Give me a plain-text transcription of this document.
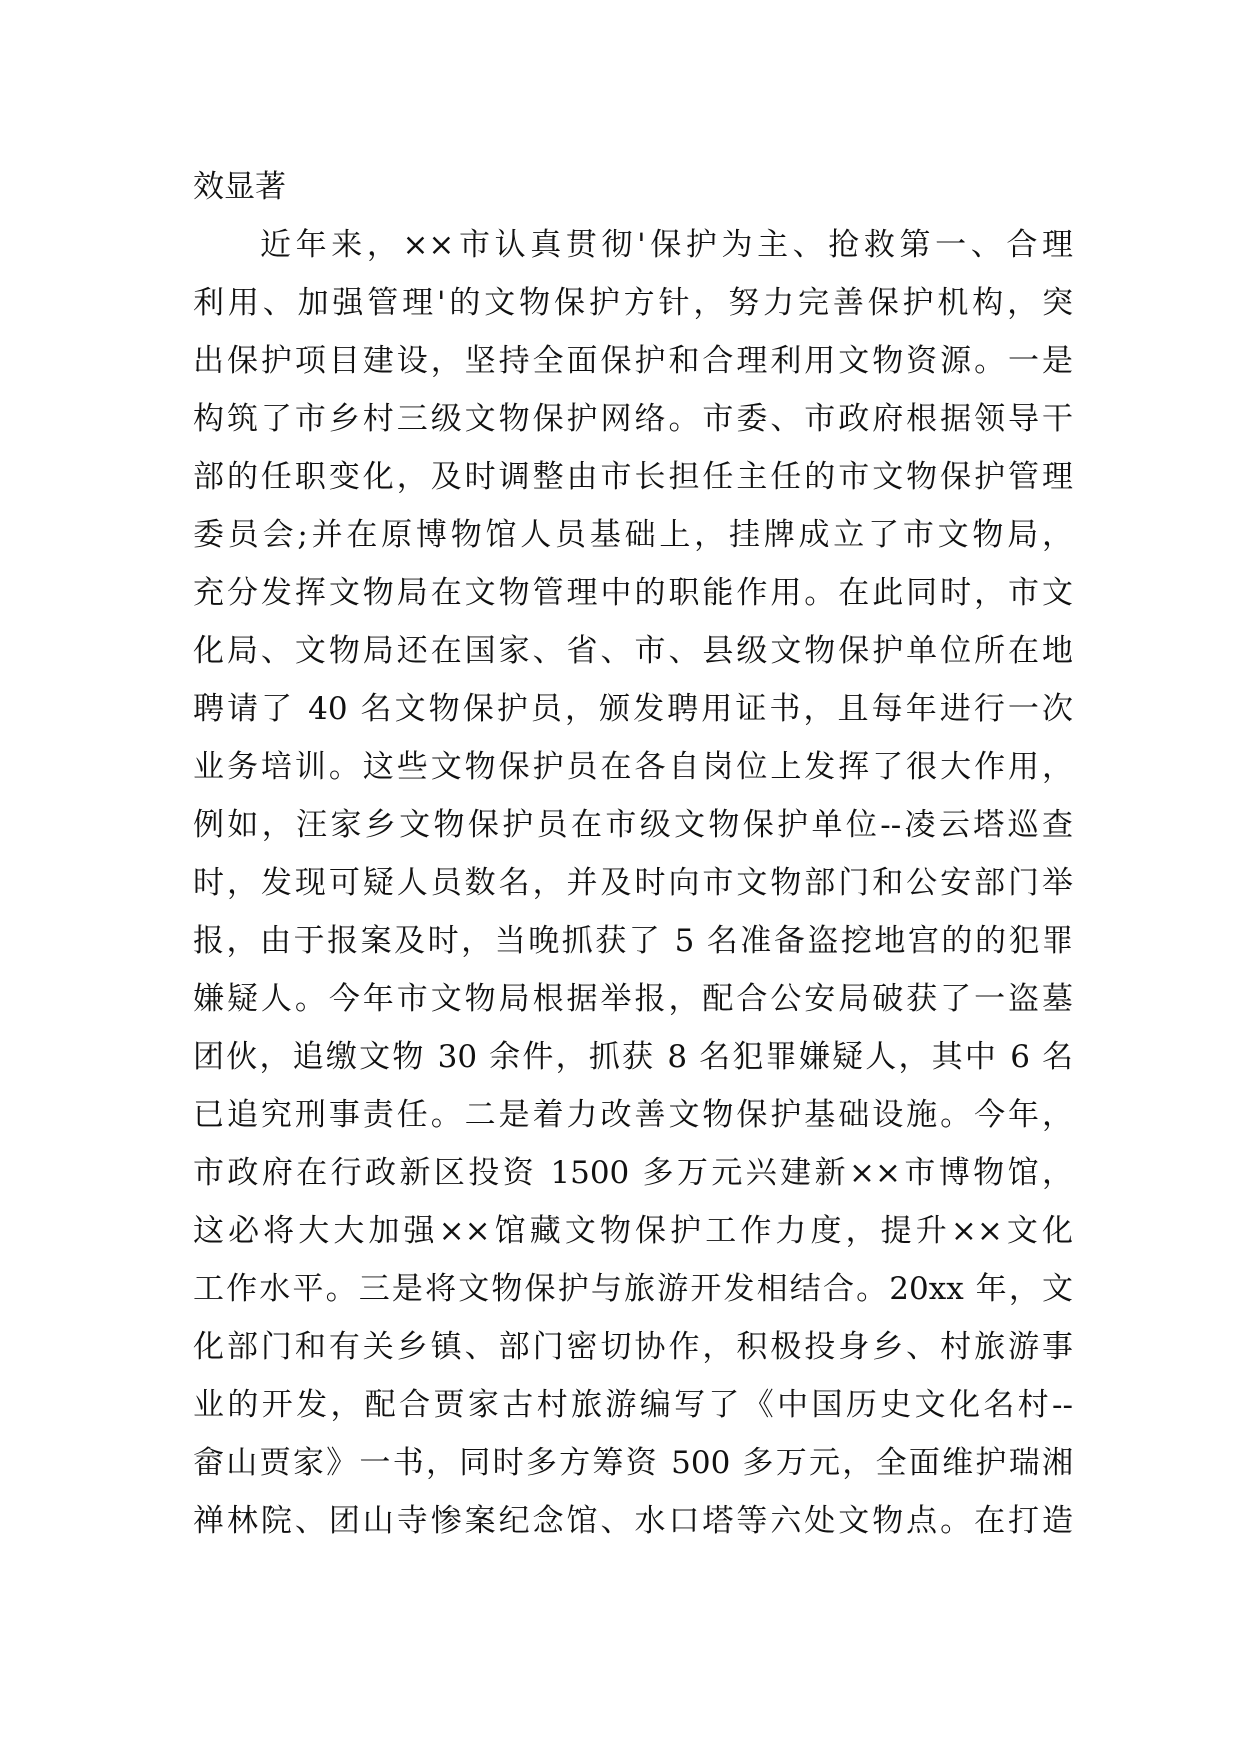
效显著
近年来，××市认真贯彻'保护为主、抢救第一、合理
利用、加强管理'的文物保护方针，努力完善保护机构，突
出保护项目建设，坚持全面保护和合理利用文物资源。一是
构筑了市乡村三级文物保护网络。市委、市政府根据领导干
部的任职变化，及时调整由市长担任主任的市文物保护管理
委员会;并在原博物馆人员基础上，挂牌成立了市文物局，
充分发挥文物局在文物管理中的职能作用。在此同时，市文
化局、文物局还在国家、省、市、县级文物保护单位所在地
聘请了 40 名文物保护员，颁发聘用证书，且每年进行一次
业务培训。这些文物保护员在各自岗位上发挥了很大作用，
例如，汪家乡文物保护员在市级文物保护单位--凌云塔巡查
时，发现可疑人员数名，并及时向市文物部门和公安部门举
报，由于报案及时，当晚抓获了 5 名准备盗挖地宫的的犯罪
嫌疑人。今年市文物局根据举报，配合公安局破获了一盗墓
团伙，追缴文物 30 余件，抓获 8 名犯罪嫌疑人，其中 6 名
已追究刑事责任。二是着力改善文物保护基础设施。今年，
市政府在行政新区投资 1500 多万元兴建新××市博物馆，
这必将大大加强××馆藏文物保护工作力度，提升××文化
工作水平。三是将文物保护与旅游开发相结合。20xx 年，文
化部门和有关乡镇、部门密切协作，积极投身乡、村旅游事
业的开发，配合贾家古村旅游编写了《中国历史文化名村--
畲山贾家》一书，同时多方筹资 500 多万元，全面维护瑞湘
禅林院、团山寺惨案纪念馆、水口塔等六处文物点。在打造
